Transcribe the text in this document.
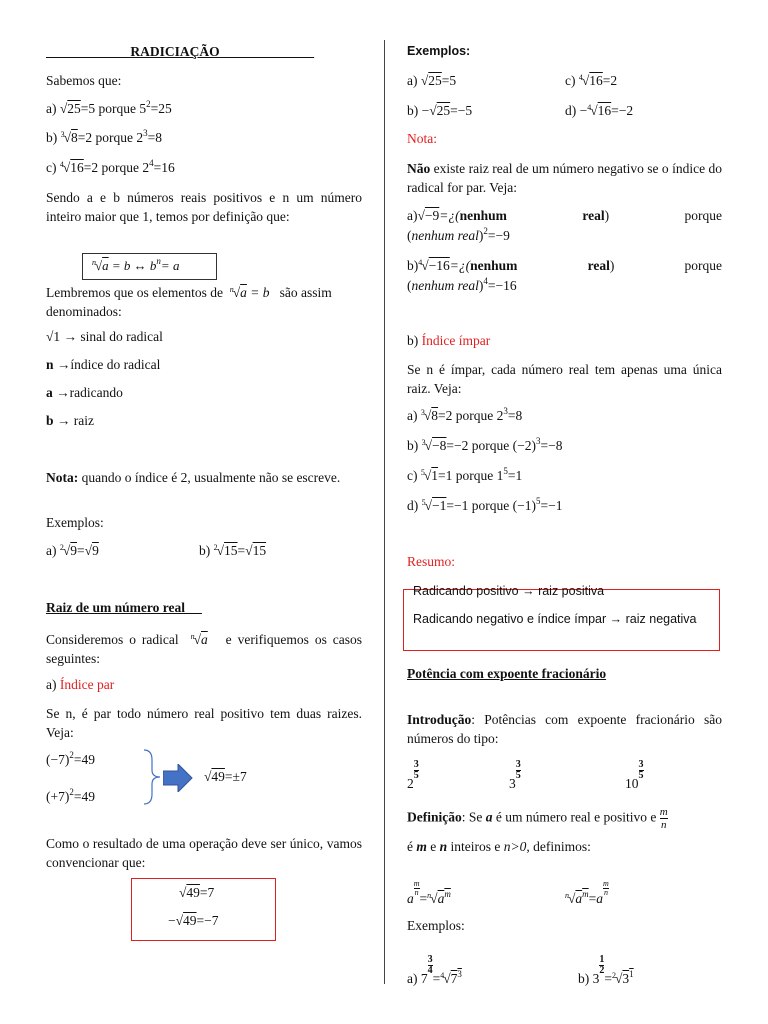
RADICIAÇÃO
Sabemos que:
a) √25=5 porque $5^2=25$
b) $^3$√8=2 porque $2^3=8$
c) $^4$√16=2 porque $2^4=16$
Sendo a e b números reais positivos e n um número inteiro maior que 1, temos por definição que:
$^n$√a = b ↔ $b^n= a$
Lembremos que os elementos de $^n$√a = b são assim denominados:
√1 → sinal do radical
n →índice do radical
a →radicando
b → raiz
Nota: quando o índice é 2, usualmente não se escreve.
Exemplos:
a) $^2$√9=√9	b) $^2$√15=√15
Raiz de um número real
Consideremos o radical $^n$√a e verifiquemos os casos seguintes:
a) Índice par
Se n, é par todo número real positivo tem duas raizes. Veja:
$(-7)^2=49$
$(+7)^2=49$
√49=±7
Como o resultado de uma operação deve ser único, vamos convencionar que:
√49=7
−√49=−7
Exemplos:
a) √25=5	c) $^4$√16=2
b) −√25=−5	d) −$^4$√16=−2
Nota:
Não existe raiz real de um número negativo se o índice do radical for par. Veja:
a)√−9=¿(nenhum	real)	porque
(nenhum real)$^2$=−9
b)$^4$√−16=¿(nenhum	real)	porque
(nenhum real)$^4$=−16
b) Índice ímpar
Se n é ímpar, cada número real tem apenas uma única raiz. Veja:
a) $^3$√8=2 porque $2^3=8$
b) $^3$√−8=−2 porque $(-2)^3=-8$
c) $^5$√1=1 porque $1^5=1$
d) $^5$√−1=−1 porque $(-1)^5=-1$
Resumo:
Radicando positivo → raiz positiva
Radicando negativo e índice ímpar → raiz negativa
Potência com expoente fracionário
Introdução: Potências com expoente fracionário são números do tipo:
2
$\frac{3}{5}$
3
$\frac{3}{5}$
10
$\frac{3}{5}$
Definição: Se a é um número real e positivo e $\frac{m}{n}$
é m e n inteiros e n>0, definimos:
a
$\frac{m}{n}$
$=^n√a^m$	$^n√a^m=a$
$\frac{m}{n}$
Exemplos:
a) 7
$\frac{3}{4}$
$=^4√7^3$	b) 3
$\frac{1}{2}$
$=^2√3^1$
